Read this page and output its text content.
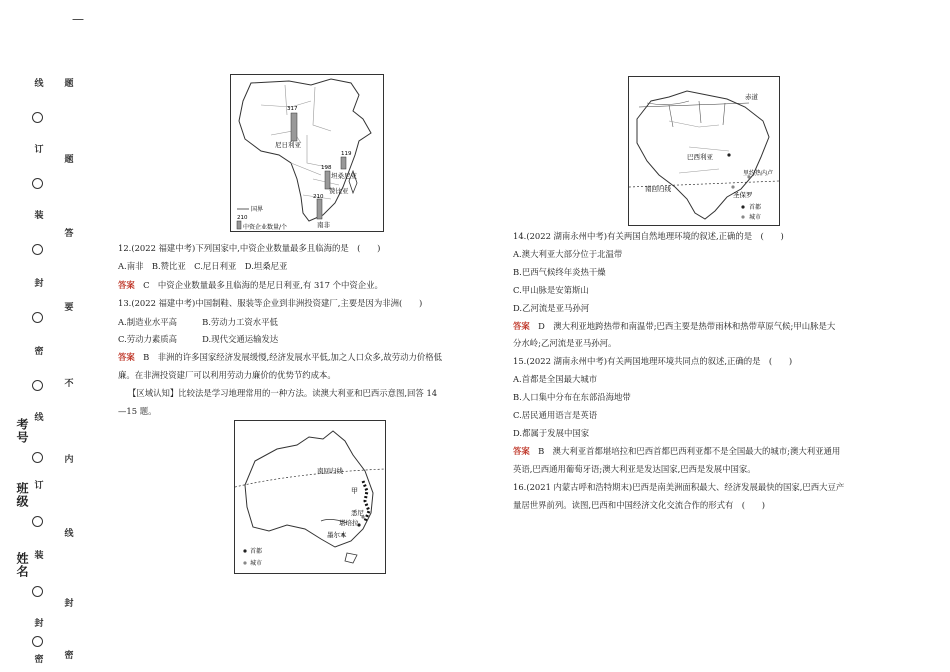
—
线
订
装
封
密
线
订
装
封
密
题
题
答
要
不
内
线
封
密
考号
班级
姓名
317
198
119
210
尼日利亚
赞比亚
坦桑尼亚
南非
国界
210
中资企业数量/个
南回归线
甲
悉尼
堪培拉
墨尔本
首都
城市
赤道
南回归线
巴西利亚
里约热内卢
圣保罗
首都
城市
12.(2022 福建中考)下列国家中,中资企业数量最多且临海的是　(　　)
A.南非　B.赞比亚　C.尼日利亚　D.坦桑尼亚
答案　 C　中资企业数量最多且临海的是尼日利亚,有 317 个中资企业。
13.(2022 福建中考)中国制鞋、服装等企业到非洲投资建厂,主要是因为非洲(　　)
A.制造业水平高　　　B.劳动力工资水平低
C.劳动力素质高　　　D.现代交通运输发达
答案　 B　非洲的许多国家经济发展缓慢,经济发展水平低,加之人口众多,故劳动力价格低
廉。在非洲投资建厂可以利用劳动力廉价的优势节约成本。
【区域认知】比较法是学习地理常用的一种方法。读澳大利亚和巴西示意图,回答 14
—15 题。
14.(2022 湖南永州中考)有关两国自然地理环境的叙述,正确的是　(　　)
A.澳大利亚大部分位于北温带
B.巴西气候终年炎热干燥
C.甲山脉是安第斯山
D.乙河流是亚马孙河
答案　 D　澳大利亚地跨热带和南温带;巴西主要是热带雨林和热带草原气候;甲山脉是大
分水岭;乙河流是亚马孙河。
15.(2022 湖南永州中考)有关两国地理环境共同点的叙述,正确的是　(　　)
A.首都是全国最大城市
B.人口集中分布在东部沿海地带
C.居民通用语言是英语
D.都属于发展中国家
答案　 B　澳大利亚首都堪培拉和巴西首都巴西利亚都不是全国最大的城市;澳大利亚通用
英语,巴西通用葡萄牙语;澳大利亚是发达国家,巴西是发展中国家。
16.(2021 内蒙古呼和浩特期末)巴西是南美洲面积最大、经济发展最快的国家,巴西大豆产
量居世界前列。读图,巴西和中国经济文化交流合作的形式有　(　　)
